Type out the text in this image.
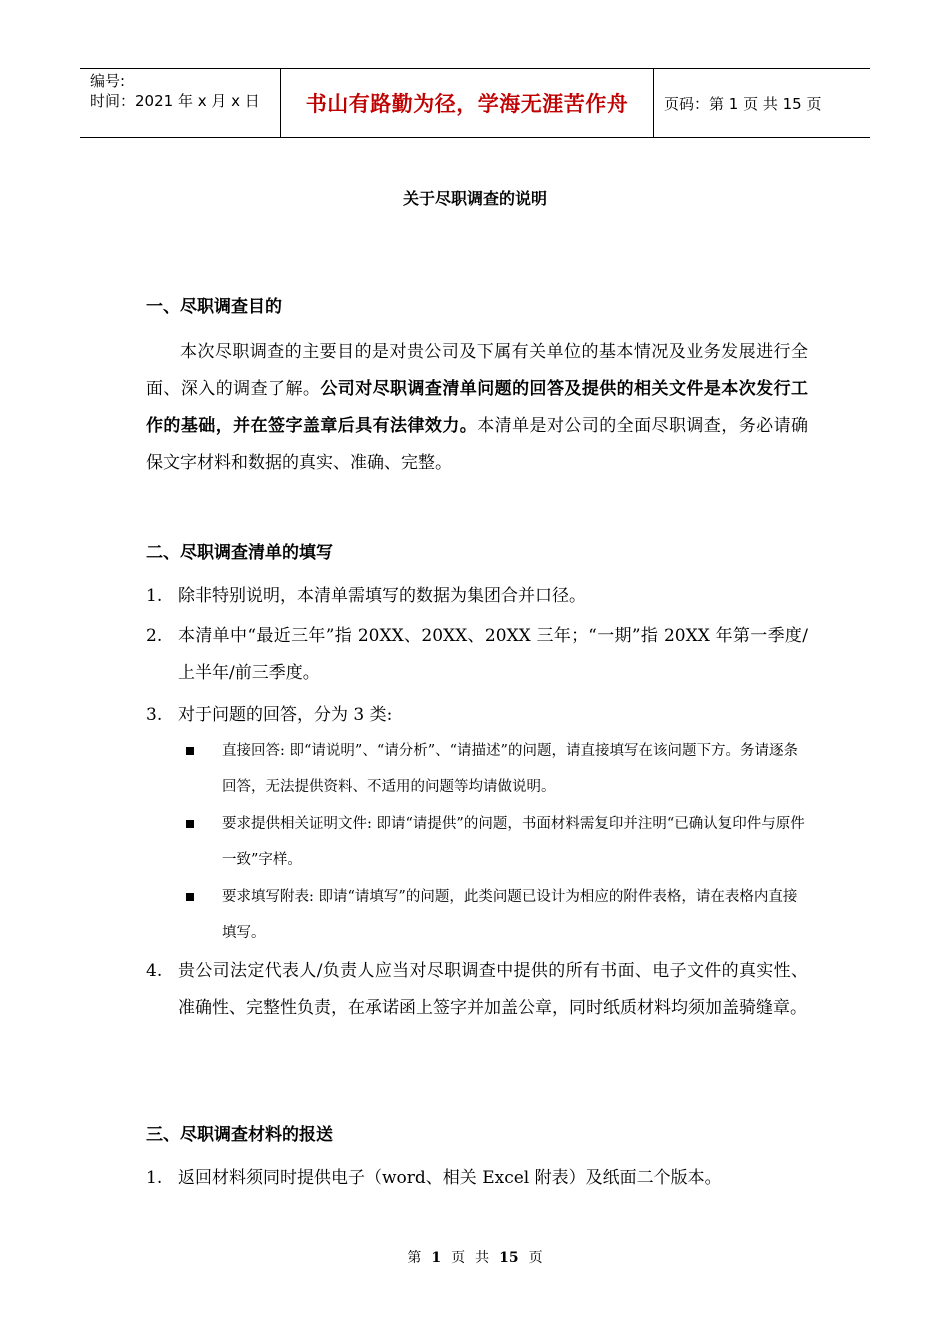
编号:
时间：2021 年 x 月 x 日 书山有路勤为径，学海无涯苦作舟 页码：第 1 页 共 15 页
关于尽职调查的说明
一、尽职调查目的
本次尽职调查的主要目的是对贵公司及下属有关单位的基本情况及业务发展进行全面、深入的调查了解。公司对尽职调查清单问题的回答及提供的相关文件是本次发行工作的基础，并在签字盖章后具有法律效力。本清单是对公司的全面尽职调查，务必请确保文字材料和数据的真实、准确、完整。
二、尽职调查清单的填写
1. 除非特别说明，本清单需填写的数据为集团合并口径。
2. 本清单中“最近三年”指 20XX、20XX、20XX 三年；“一期”指 20XX 年第一季度/上半年/前三季度。
3. 对于问题的回答，分为 3 类:
直接回答: 即“请说明”、“请分析”、“请描述”的问题，请直接填写在该问题下方。务请逐条回答，无法提供资料、不适用的问题等均请做说明。
要求提供相关证明文件: 即请“请提供”的问题，书面材料需复印并注明“已确认复印件与原件一致”字样。
要求填写附表: 即请“请填写”的问题，此类问题已设计为相应的附件表格，请在表格内直接填写。
4. 贵公司法定代表人/负责人应当对尽职调查中提供的所有书面、电子文件的真实性、准确性、完整性负责，在承诺函上签字并加盖公章，同时纸质材料均须加盖骑缝章。
三、尽职调查材料的报送
1. 返回材料须同时提供电子（word、相关 Excel 附表）及纸面二个版本。
第 1 页 共 15 页
